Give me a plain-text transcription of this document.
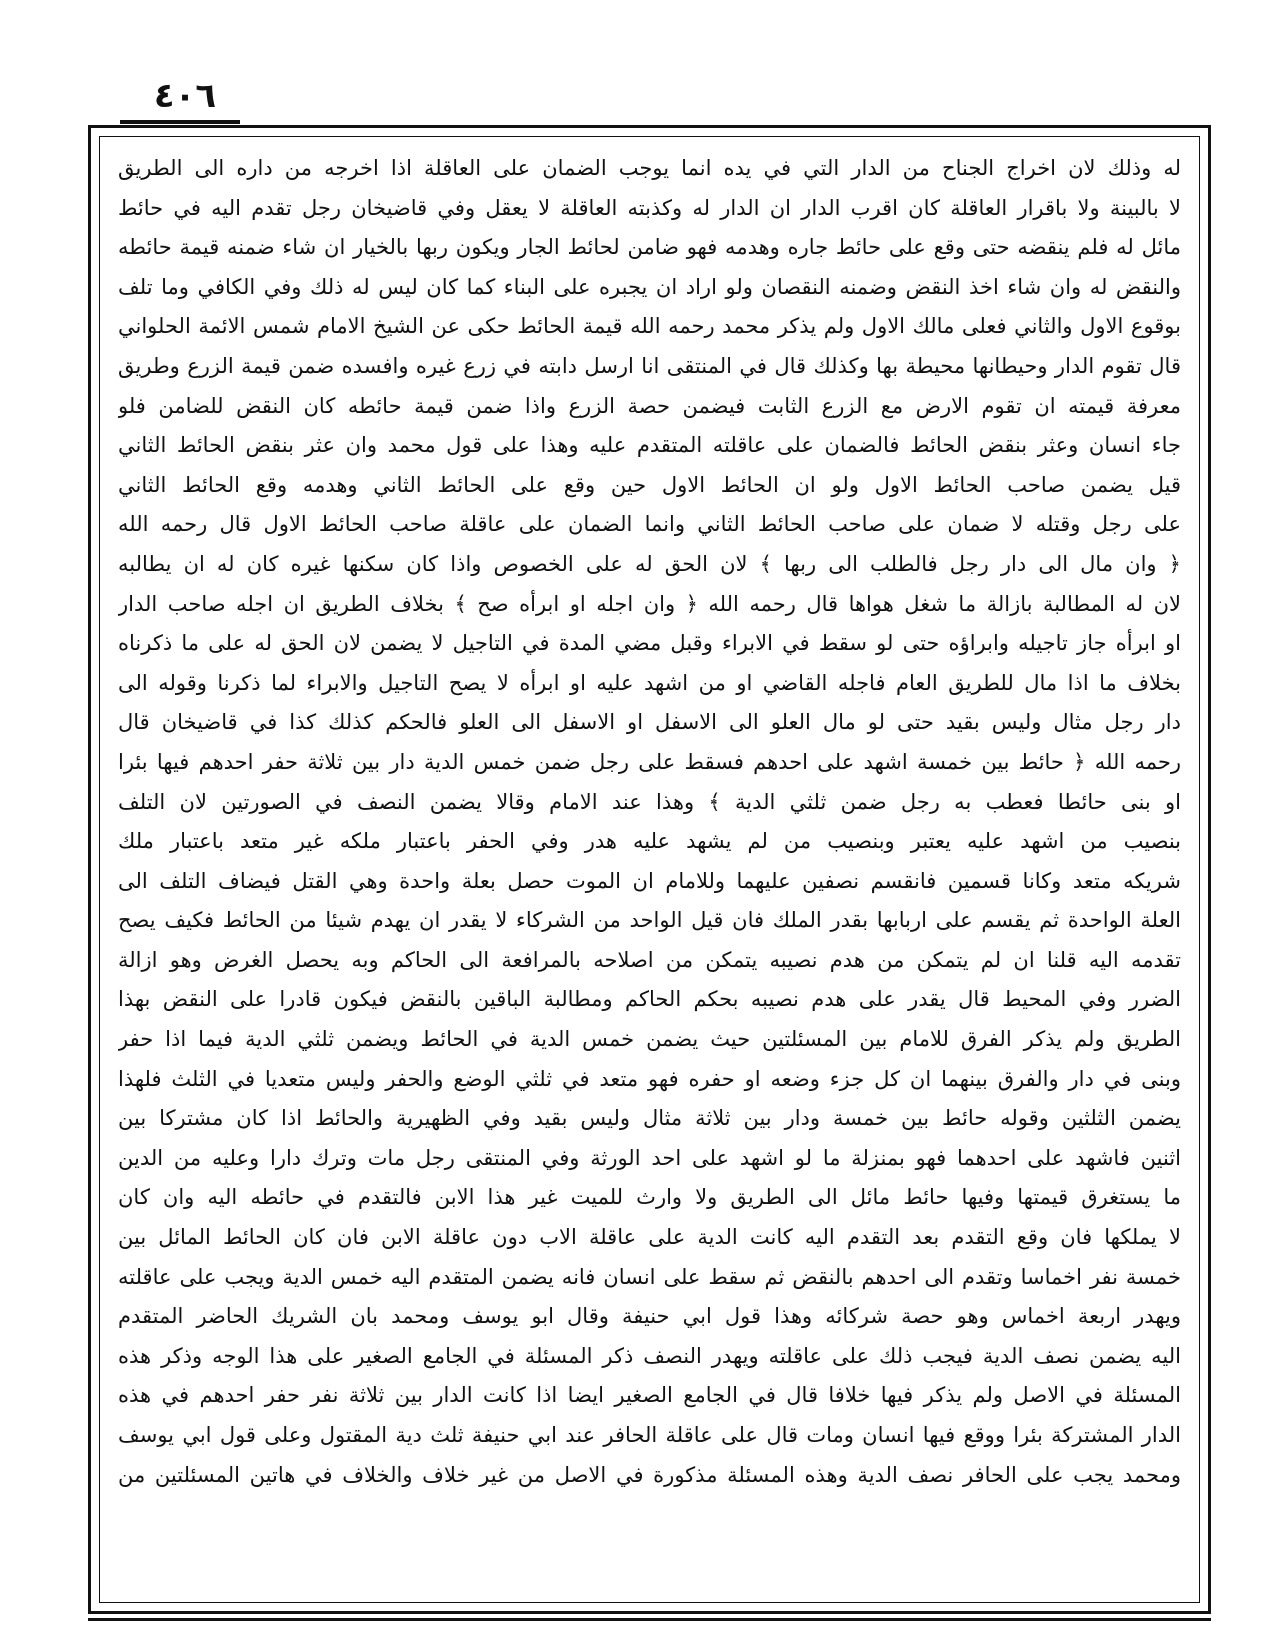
٤٠٦
له وذلك لان اخراج الجناح من الدار التي في يده انما يوجب الضمان على العاقلة اذا اخرجه من داره الى الطريق
لا بالبينة ولا باقرار العاقلة كان اقرب الدار ان الدار له وكذبته العاقلة لا يعقل وفي قاضيخان رجل تقدم اليه في حائط
مائل له فلم ينقضه حتى وقع على حائط جاره وهدمه فهو ضامن لحائط الجار ويكون ربها بالخيار ان شاء ضمنه قيمة حائطه
والنقض له وان شاء اخذ النقض وضمنه النقصان ولو اراد ان يجبره على البناء كما كان ليس له ذلك وفي الكافي وما تلف
بوقوع الاول والثاني فعلى مالك الاول ولم يذكر محمد رحمه الله قيمة الحائط حكى عن الشيخ الامام شمس الائمة الحلواني
قال تقوم الدار وحيطانها محيطة بها وكذلك قال في المنتقى انا ارسل دابته في زرع غيره وافسده ضمن قيمة الزرع وطريق
معرفة قيمته ان تقوم الارض مع الزرع الثابت فيضمن حصة الزرع واذا ضمن قيمة حائطه كان النقض للضامن فلو
جاء انسان وعثر بنقض الحائط فالضمان على عاقلته المتقدم عليه وهذا على قول محمد وان عثر بنقض الحائط الثاني
قيل يضمن صاحب الحائط الاول ولو ان الحائط الاول حين وقع على الحائط الثاني وهدمه وقع الحائط الثاني
على رجل وقتله لا ضمان على صاحب الحائط الثاني وانما الضمان على عاقلة صاحب الحائط الاول قال رحمه الله
﴿ وان مال الى دار رجل فالطلب الى ربها ﴾ لان الحق له على الخصوص واذا كان سكنها غيره كان له ان يطالبه
لان له المطالبة بازالة ما شغل هواها قال رحمه الله ﴿ وان اجله او ابرأه صح ﴾ بخلاف الطريق ان اجله صاحب الدار
او ابرأه جاز تاجيله وابراؤه حتى لو سقط في الابراء وقبل مضي المدة في التاجيل لا يضمن لان الحق له على ما ذكرناه
بخلاف ما اذا مال للطريق العام فاجله القاضي او من اشهد عليه او ابرأه لا يصح التاجيل والابراء لما ذكرنا وقوله الى
دار رجل مثال وليس بقيد حتى لو مال العلو الى الاسفل او الاسفل الى العلو فالحكم كذلك كذا في قاضيخان قال
رحمه الله ﴿ حائط بين خمسة اشهد على احدهم فسقط على رجل ضمن خمس الدية دار بين ثلاثة حفر احدهم فيها بئرا
او بنى حائطا فعطب به رجل ضمن ثلثي الدية ﴾ وهذا عند الامام وقالا يضمن النصف في الصورتين لان التلف
بنصيب من اشهد عليه يعتبر وبنصيب من لم يشهد عليه هدر وفي الحفر باعتبار ملكه غير متعد باعتبار ملك
شريكه متعد وكانا قسمين فانقسم نصفين عليهما وللامام ان الموت حصل بعلة واحدة وهي القتل فيضاف التلف الى
العلة الواحدة ثم يقسم على اربابها بقدر الملك فان قيل الواحد من الشركاء لا يقدر ان يهدم شيئا من الحائط فكيف يصح
تقدمه اليه قلنا ان لم يتمكن من هدم نصيبه يتمكن من اصلاحه بالمرافعة الى الحاكم وبه يحصل الغرض وهو ازالة
الضرر وفي المحيط قال يقدر على هدم نصيبه بحكم الحاكم ومطالبة الباقين بالنقض فيكون قادرا على النقض بهذا
الطريق ولم يذكر الفرق للامام بين المسئلتين حيث يضمن خمس الدية في الحائط ويضمن ثلثي الدية فيما اذا حفر
وبنى في دار والفرق بينهما ان كل جزء وضعه او حفره فهو متعد في ثلثي الوضع والحفر وليس متعديا في الثلث فلهذا
يضمن الثلثين وقوله حائط بين خمسة ودار بين ثلاثة مثال وليس بقيد وفي الظهيرية والحائط اذا كان مشتركا بين
اثنين فاشهد على احدهما فهو بمنزلة ما لو اشهد على احد الورثة وفي المنتقى رجل مات وترك دارا وعليه من الدين
ما يستغرق قيمتها وفيها حائط مائل الى الطريق ولا وارث للميت غير هذا الابن فالتقدم في حائطه اليه وان كان
لا يملكها فان وقع التقدم بعد التقدم اليه كانت الدية على عاقلة الاب دون عاقلة الابن فان كان الحائط المائل بين
خمسة نفر اخماسا وتقدم الى احدهم بالنقض ثم سقط على انسان فانه يضمن المتقدم اليه خمس الدية ويجب على عاقلته
ويهدر اربعة اخماس وهو حصة شركائه وهذا قول ابي حنيفة وقال ابو يوسف ومحمد بان الشريك الحاضر المتقدم
اليه يضمن نصف الدية فيجب ذلك على عاقلته ويهدر النصف ذكر المسئلة في الجامع الصغير على هذا الوجه وذكر هذه
المسئلة في الاصل ولم يذكر فيها خلافا قال في الجامع الصغير ايضا اذا كانت الدار بين ثلاثة نفر حفر احدهم في هذه
الدار المشتركة بئرا ووقع فيها انسان ومات قال على عاقلة الحافر عند ابي حنيفة ثلث دية المقتول وعلى قول ابي يوسف
ومحمد يجب على الحافر نصف الدية وهذه المسئلة مذكورة في الاصل من غير خلاف والخلاف في هاتين المسئلتين من
